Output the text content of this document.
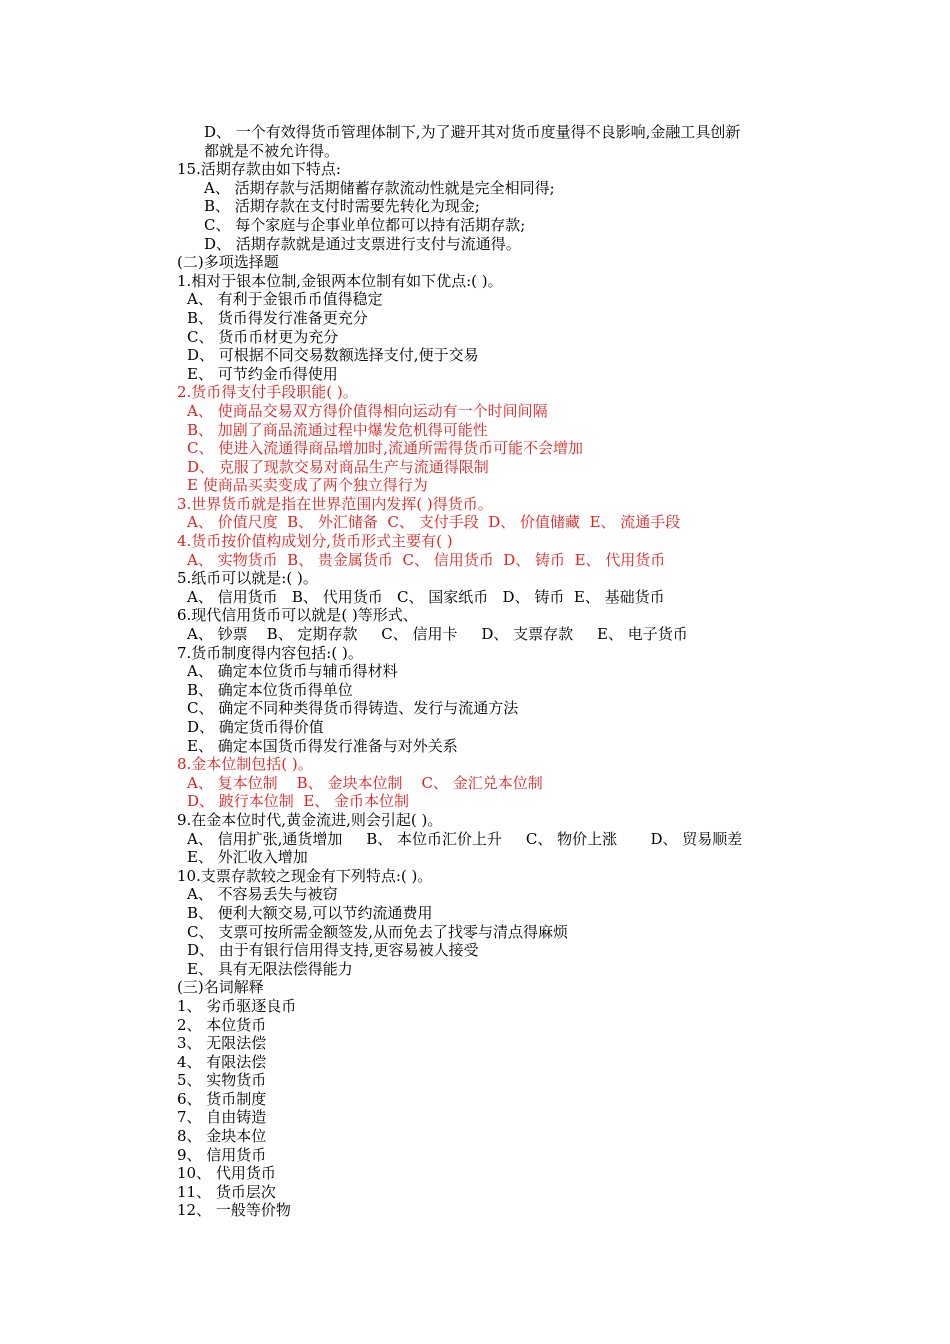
D、 一个有效得货币管理体制下,为了避开其对货币度量得不良影响,金融工具创新
都就是不被允许得。
15.活期存款由如下特点:
A、 活期存款与活期储蓄存款流动性就是完全相同得;
B、 活期存款在支付时需要先转化为现金;
C、 每个家庭与企事业单位都可以持有活期存款;
D、 活期存款就是通过支票进行支付与流通得。
(二)多项选择题
1.相对于银本位制,金银两本位制有如下优点:( )。
A、 有利于金银币币值得稳定
B、 货币得发行准备更充分
C、 货币币材更为充分
D、 可根据不同交易数额选择支付,便于交易
E、 可节约金币得使用
2.货币得支付手段职能( )。
A、 使商品交易双方得价值得相向运动有一个时间间隔
B、 加剧了商品流通过程中爆发危机得可能性
C、 使进入流通得商品增加时,流通所需得货币可能不会增加
D、 克服了现款交易对商品生产与流通得限制
E 使商品买卖变成了两个独立得行为
3.世界货币就是指在世界范围内发挥( )得货币。
A、 价值尺度  B、 外汇储备  C、 支付手段  D、 价值储藏  E、 流通手段
4.货币按价值构成划分,货币形式主要有( )
A、 实物货币  B、 贵金属货币  C、 信用货币  D、 铸币  E、 代用货币
5.纸币可以就是:( )。
A、 信用货币   B、 代用货币   C、 国家纸币   D、 铸币  E、 基础货币
6.现代信用货币可以就是( )等形式、
A、 钞票    B、 定期存款     C、 信用卡     D、 支票存款     E、 电子货币
7.货币制度得内容包括:( )。
A、 确定本位货币与辅币得材料
B、 确定本位货币得单位
C、 确定不同种类得货币得铸造、发行与流通方法
D、 确定货币得价值
E、 确定本国货币得发行准备与对外关系
8.金本位制包括( )。
A、 复本位制    B、 金块本位制    C、 金汇兑本位制
D、 跛行本位制  E、 金币本位制
9.在金本位时代,黄金流进,则会引起( )。
A、 信用扩张,通货增加     B、 本位币汇价上升     C、 物价上涨       D、 贸易顺差
E、 外汇收入增加
10.支票存款较之现金有下列特点:( )。
A、 不容易丢失与被窃
B、 便利大额交易,可以节约流通费用
C、 支票可按所需金额签发,从而免去了找零与清点得麻烦
D、 由于有银行信用得支持,更容易被人接受
E、 具有无限法偿得能力
(三)名词解释
1、 劣币驱逐良币
2、 本位货币
3、 无限法偿
4、 有限法偿
5、 实物货币
6、 货币制度
7、 自由铸造
8、 金块本位
9、 信用货币
10、 代用货币
11、 货币层次
12、 一般等价物
